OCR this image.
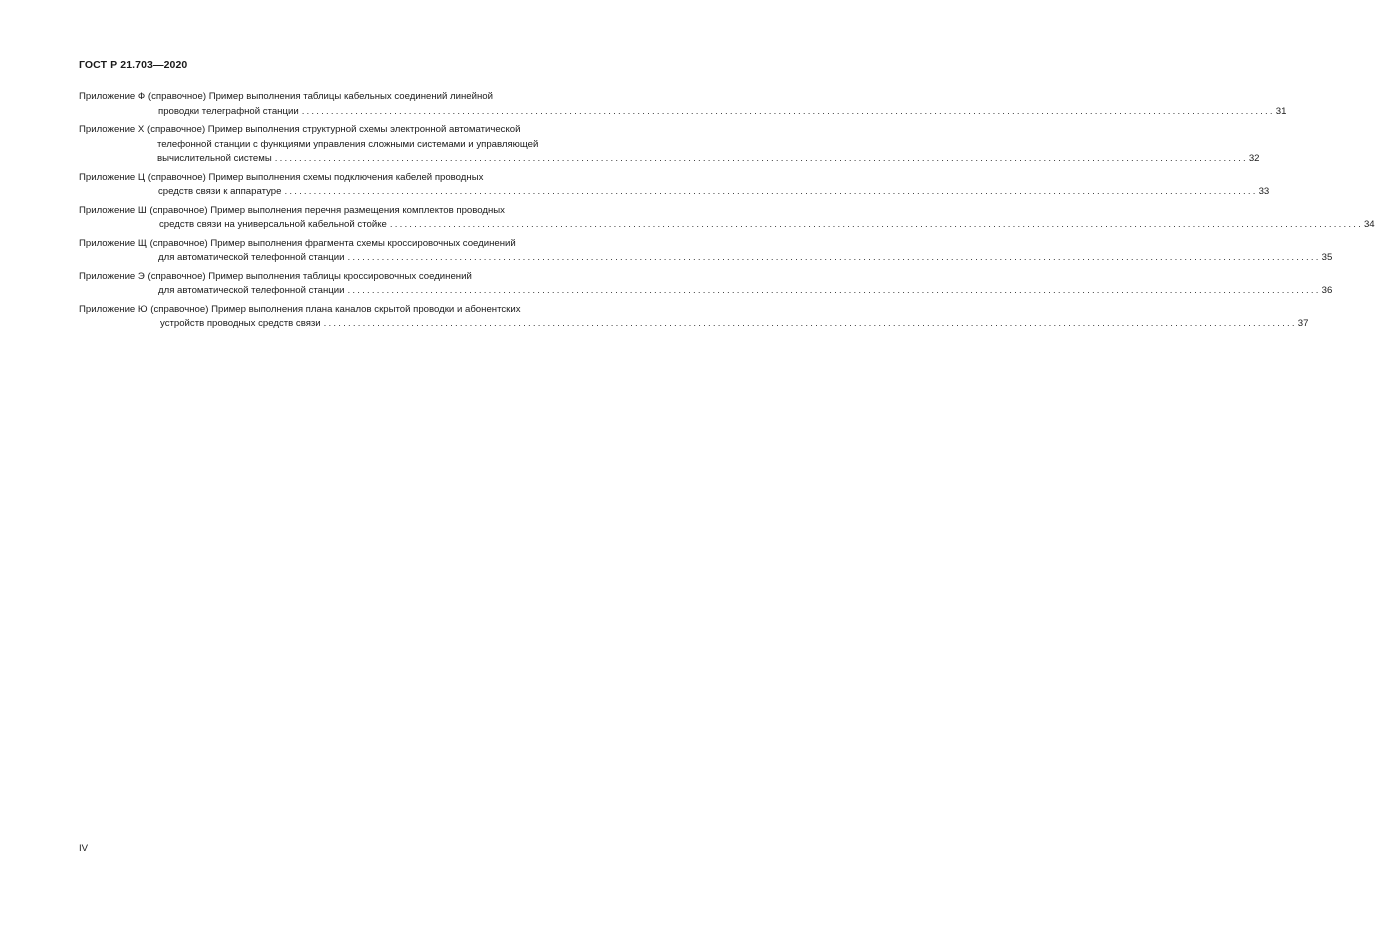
ГОСТ Р 21.703—2020
Приложение Ф (справочное) Пример выполнения таблицы кабельных соединений линейной
проводки телеграфной станции ........................................................................................................................................................................................................ 31
Приложение Х (справочное) Пример выполнения структурной схемы электронной автоматической
телефонной станции с функциями управления сложными системами и управляющей
вычислительной системы ........................................................................................................................................................................................................ 32
Приложение Ц (справочное) Пример выполнения схемы подключения кабелей проводных
средств связи к аппаратуре ........................................................................................................................................................................................................ 33
Приложение Ш (справочное) Пример выполнения перечня размещения комплектов проводных
средств связи на универсальной кабельной стойке ........................................................................................................................................................................................................ 34
Приложение Щ (справочное) Пример выполнения фрагмента схемы кроссировочных соединений
для автоматической телефонной станции ........................................................................................................................................................................................................ 35
Приложение Э (справочное) Пример выполнения таблицы кроссировочных соединений
для автоматической телефонной станции ........................................................................................................................................................................................................ 36
Приложение Ю (справочное) Пример выполнения плана каналов скрытой проводки и абонентских
устройств проводных средств связи ........................................................................................................................................................................................................ 37
IV
